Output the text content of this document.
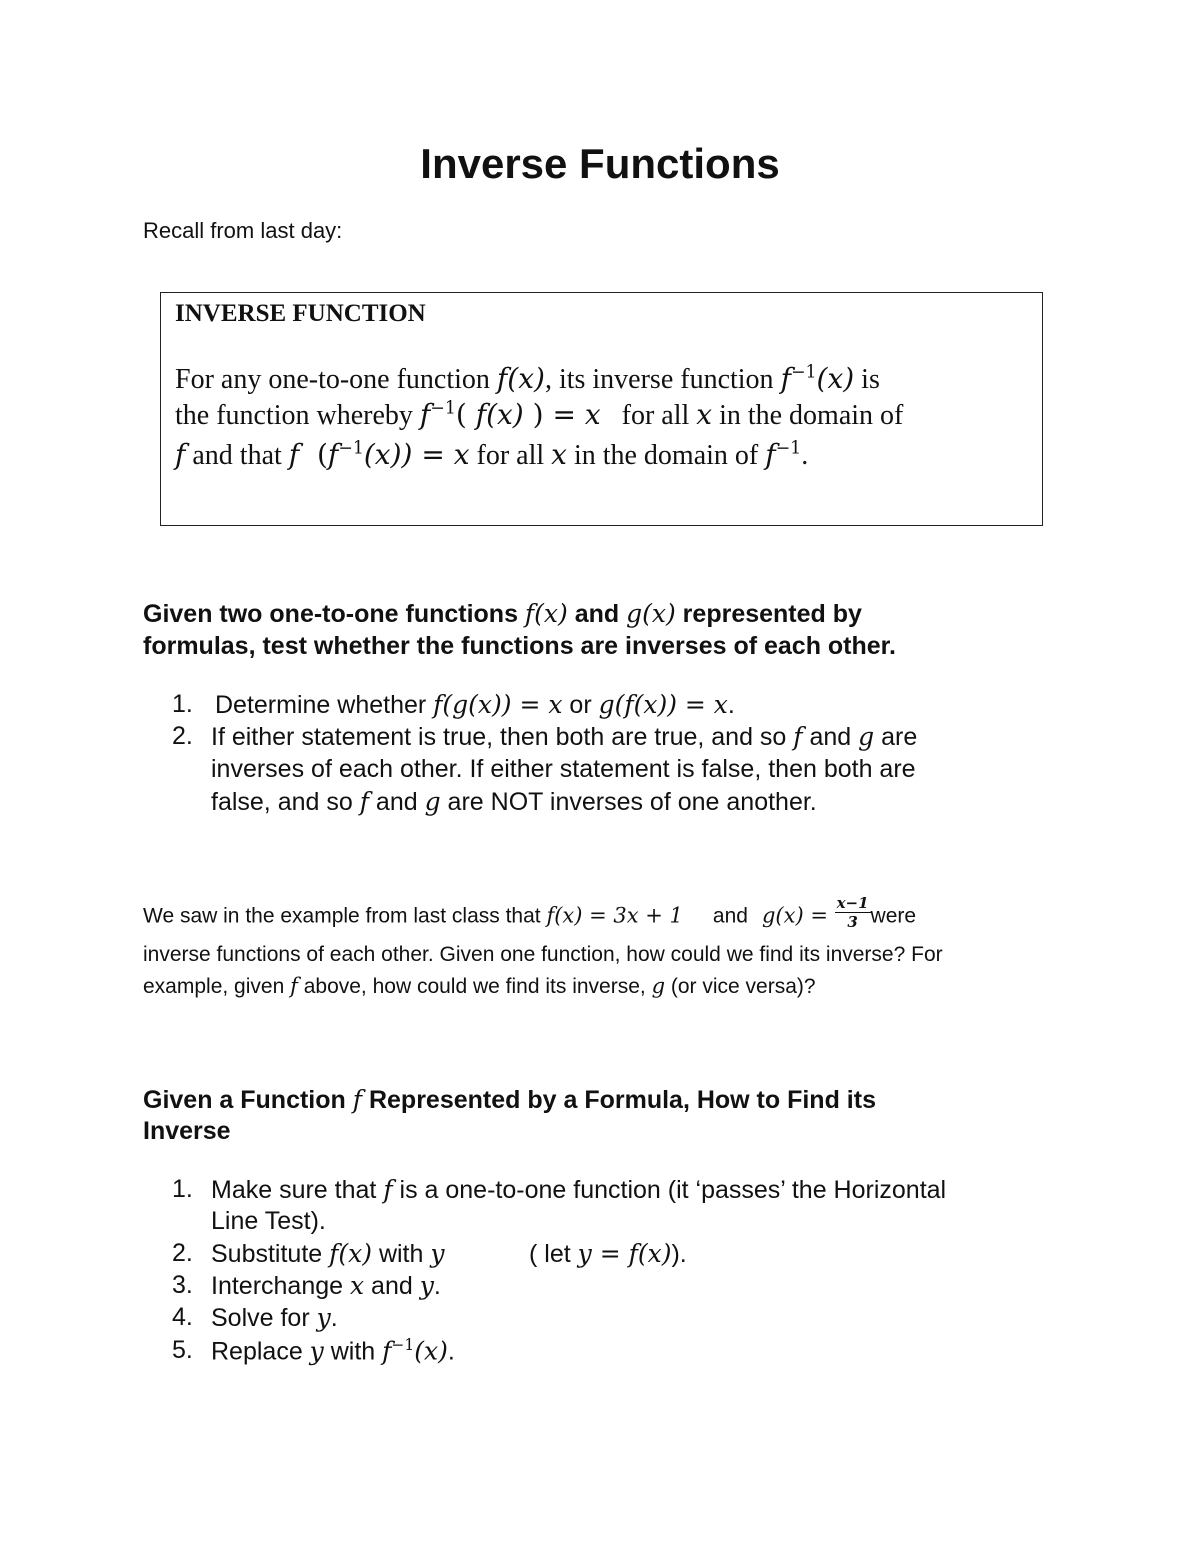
Inverse Functions
Recall from last day:
INVERSE FUNCTION
For any one-to-one function f(x), its inverse function $f^{-1}(x)$ is
the function whereby $f^{-1}$( f(x) ) = x   for all x in the domain of
f and that f  $(f^{-1}(x)) = x$ for all x in the domain of $f^{-1}$.
Given two one-to-one functions f(x) and g(x) represented by
formulas, test whether the functions are inverses of each other.
1. Determine whether f(g(x)) = x or g(f(x)) = x.
2. If either statement is true, then both are true, and so f and g are
inverses of each other. If either statement is false, then both are
false, and so f and g are NOT inverses of one another.
We saw in the example from last class that f(x) = 3x + 1 and $g(x) = \frac{x-1}{3}$ were
inverse functions of each other. Given one function, how could we find its inverse? For
example, given f above, how could we find its inverse, g (or vice versa)?
Given a Function f Represented by a Formula, How to Find its
Inverse
1. Make sure that f is a one-to-one function (it ‘passes’ the Horizontal
Line Test).
2. Substitute f(x) with y	( let y = f(x)).
3. Interchange x and y.
4. Solve for y.
5. Replace y with $f^{-1}(x)$.
